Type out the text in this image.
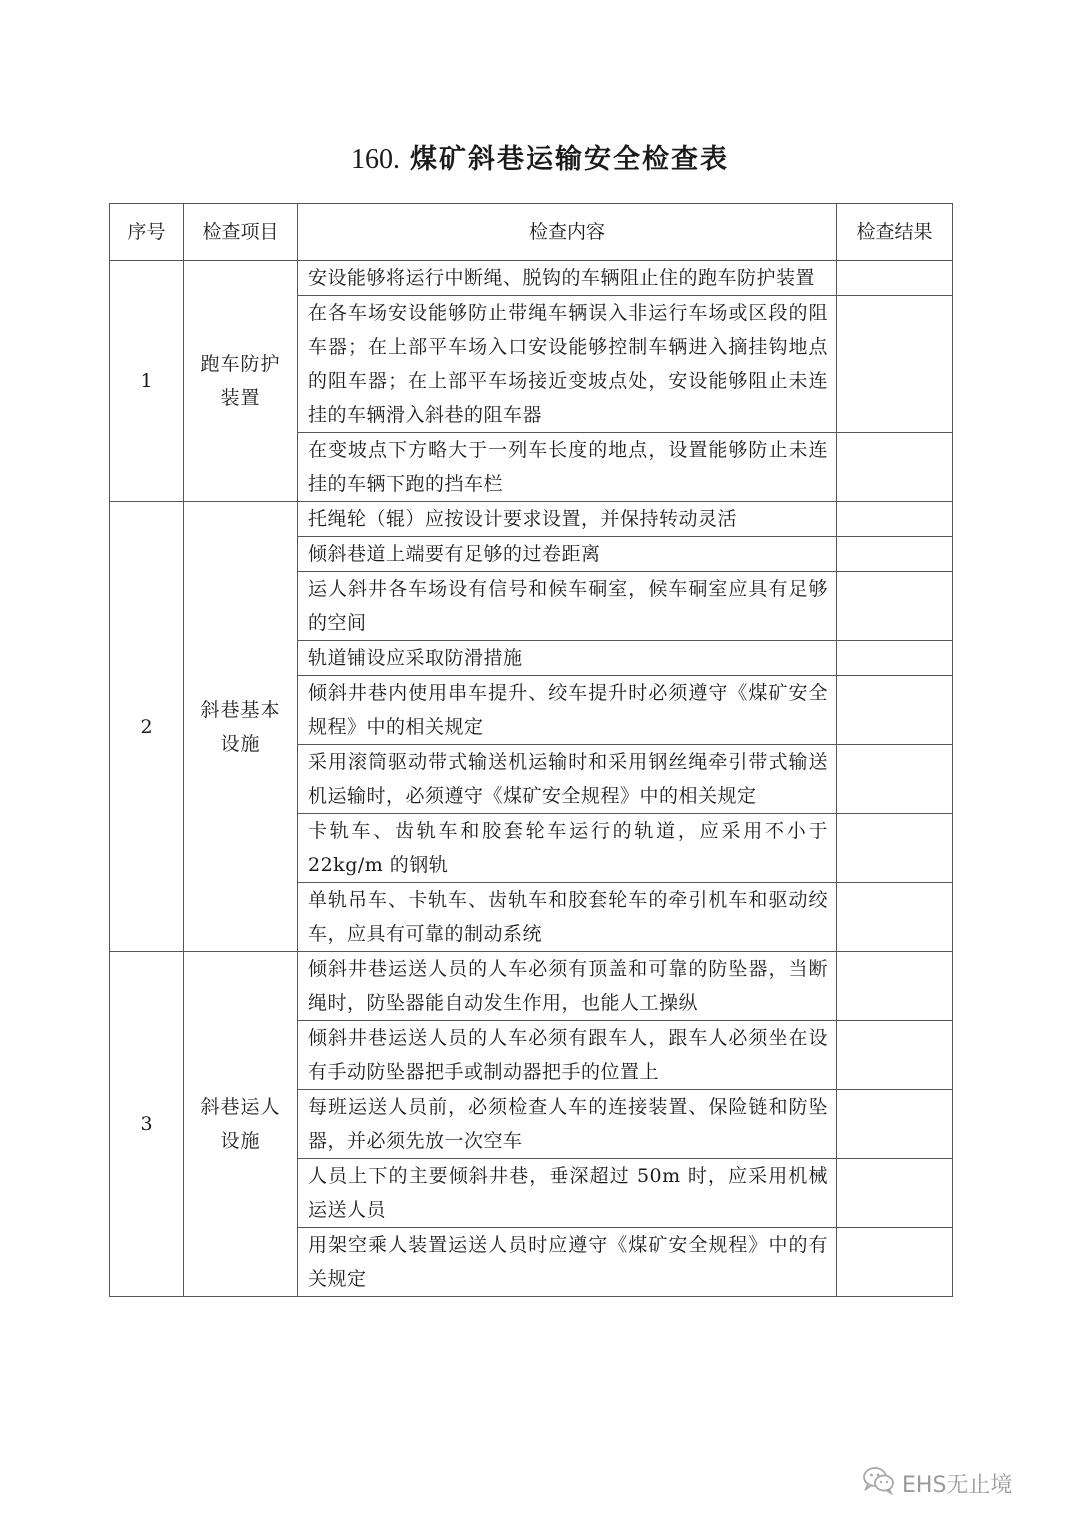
160. 煤矿斜巷运输安全检查表
序号	检查项目	检查内容	检查结果
1	跑车防护装置	安设能够将运行中断绳、脱钩的车辆阻止住的跑车防护装置	
		在各车场安设能够防止带绳车辆误入非运行车场或区段的阻车器；在上部平车场入口安设能够控制车辆进入摘挂钩地点的阻车器；在上部平车场接近变坡点处，安设能够阻止未连挂的车辆滑入斜巷的阻车器	
		在变坡点下方略大于一列车长度的地点，设置能够防止未连挂的车辆下跑的挡车栏	
2	斜巷基本设施	托绳轮（辊）应按设计要求设置，并保持转动灵活	
		倾斜巷道上端要有足够的过卷距离	
		运人斜井各车场设有信号和候车硐室，候车硐室应具有足够的空间	
		轨道铺设应采取防滑措施	
		倾斜井巷内使用串车提升、绞车提升时必须遵守《煤矿安全规程》中的相关规定	
		采用滚筒驱动带式输送机运输时和采用钢丝绳牵引带式输送机运输时，必须遵守《煤矿安全规程》中的相关规定	
		卡轨车、齿轨车和胶套轮车运行的轨道，应采用不小于22kg/m 的钢轨	
		单轨吊车、卡轨车、齿轨车和胶套轮车的牵引机车和驱动绞车，应具有可靠的制动系统	
3	斜巷运人设施	倾斜井巷运送人员的人车必须有顶盖和可靠的防坠器，当断绳时，防坠器能自动发生作用，也能人工操纵	
		倾斜井巷运送人员的人车必须有跟车人，跟车人必须坐在设有手动防坠器把手或制动器把手的位置上	
		每班运送人员前，必须检查人车的连接装置、保险链和防坠器，并必须先放一次空车	
		人员上下的主要倾斜井巷，垂深超过 50m 时，应采用机械运送人员	
		用架空乘人装置运送人员时应遵守《煤矿安全规程》中的有关规定	
EHS无止境
